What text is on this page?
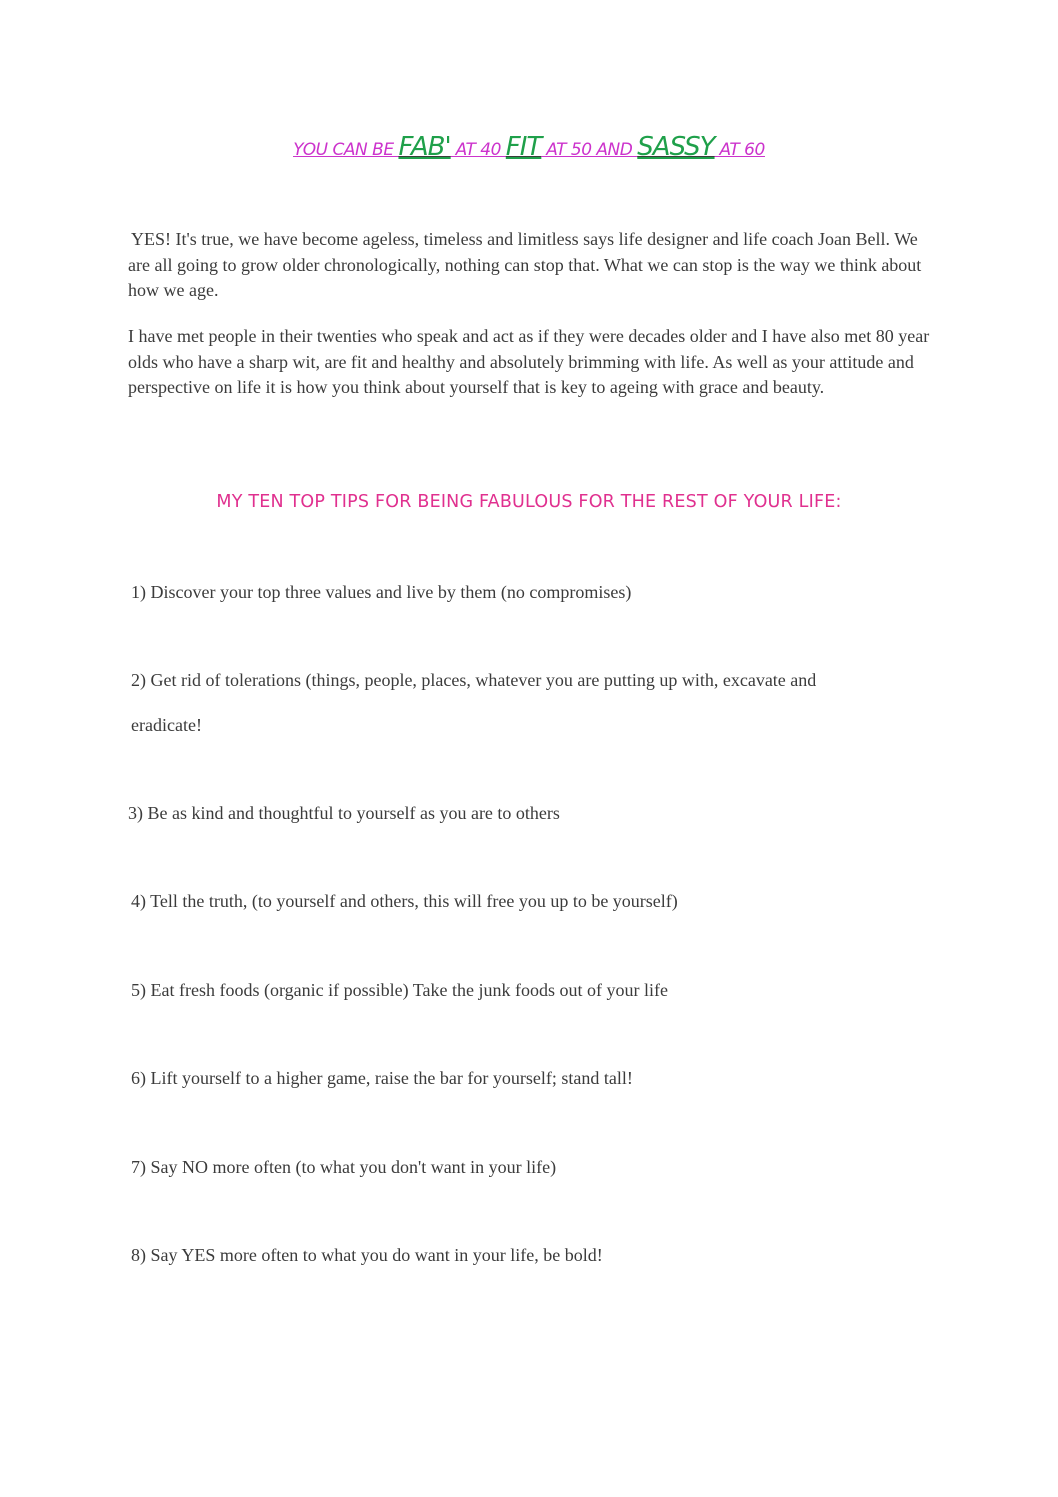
YOU CAN BE FAB' AT 40 FIT AT 50 AND SASSY AT 60

YES! It's true, we have become ageless, timeless and limitless says life designer and life coach Joan Bell. We are all going to grow older chronologically, nothing can stop that. What we can stop is the way we think about how we age.

I have met people in their twenties who speak and act as if they were decades older and I have also met 80 year olds who have a sharp wit, are fit and healthy and absolutely brimming with life. As well as your attitude and perspective on life it is how you think about yourself that is key to ageing with grace and beauty.

MY TEN TOP TIPS FOR BEING FABULOUS FOR THE REST OF YOUR LIFE:

1) Discover your top three values and live by them (no compromises)

2) Get rid of tolerations (things, people, places, whatever you are putting up with, excavate and

eradicate!

3) Be as kind and thoughtful to yourself as you are to others

4) Tell the truth, (to yourself and others, this will free you up to be yourself)

5) Eat fresh foods (organic if possible) Take the junk foods out of your life

6) Lift yourself to a higher game, raise the bar for yourself; stand tall!

7) Say NO more often (to what you don't want in your life)

8) Say YES more often to what you do want in your life, be bold!
